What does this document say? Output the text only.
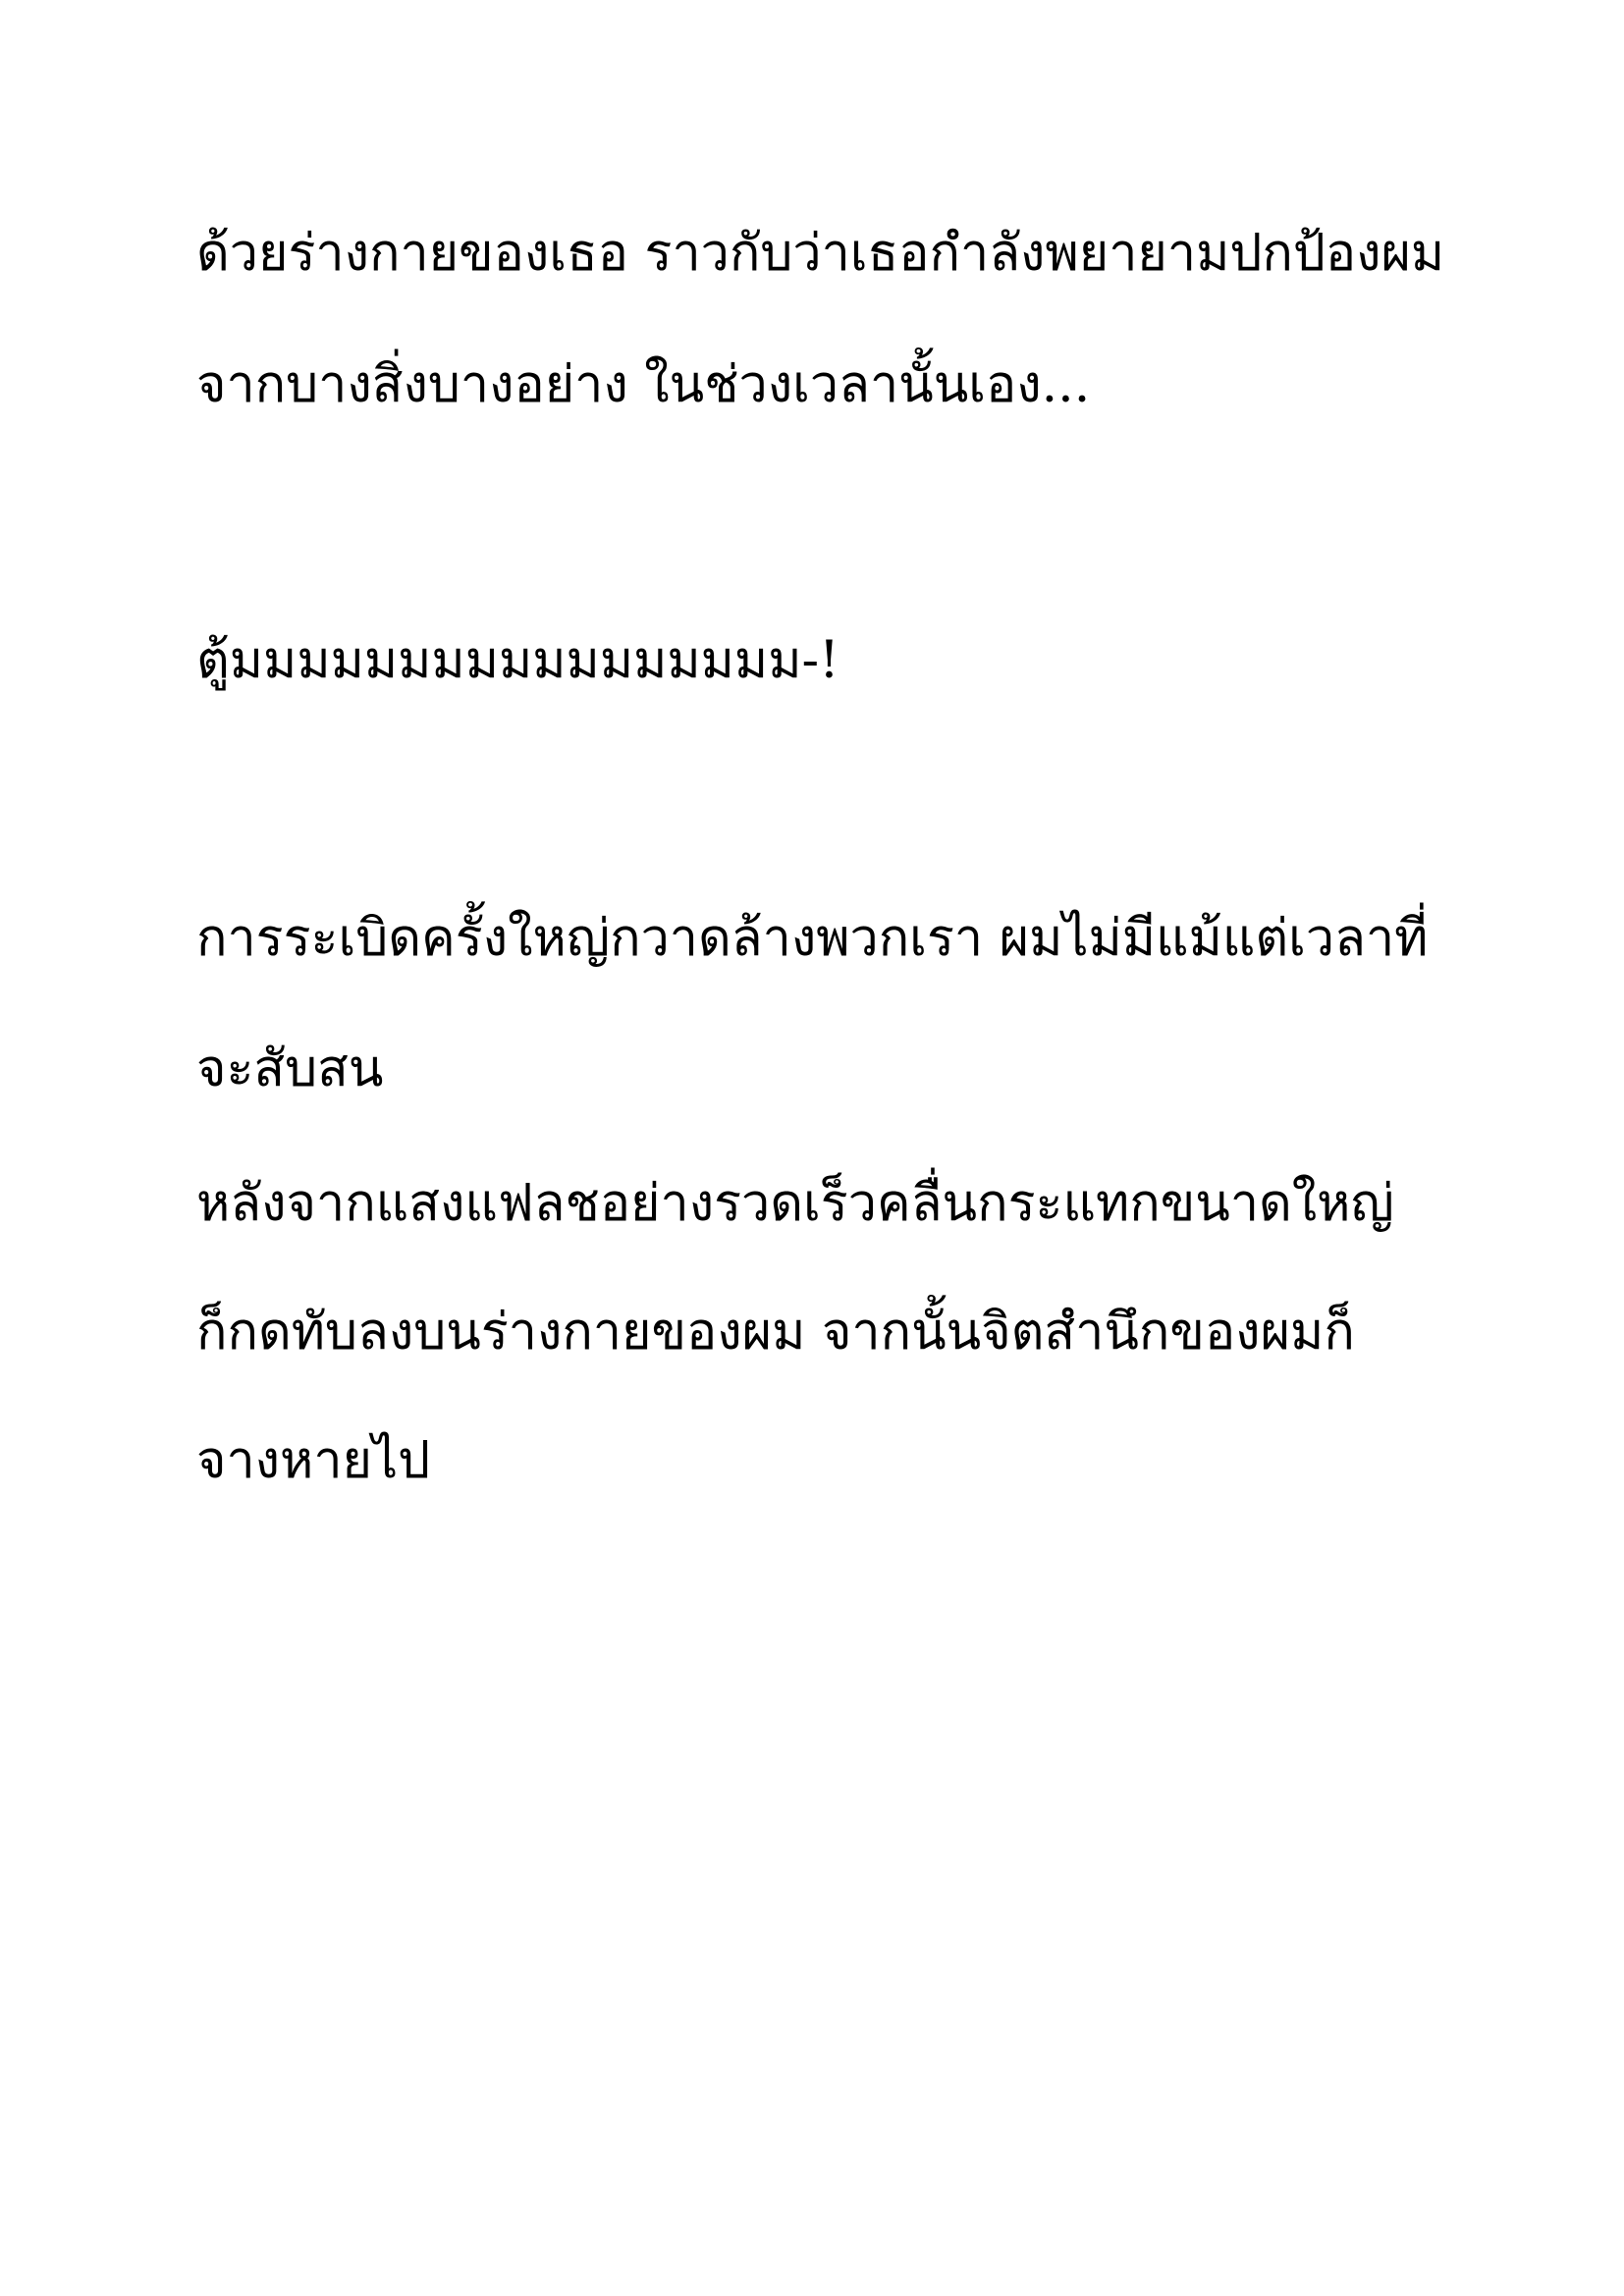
ด้วยร่างกายของเธอ ราวกับว่าเธอกำลังพยายามปกป้องผม

จากบางสิ่งบางอย่าง ในช่วงเวลานั้นเอง...

ตู้มมมมมมมมมมมมมมมมม-!

การระเบิดครั้งใหญ่กวาดล้างพวกเรา ผมไม่มีแม้แต่เวลาที่

จะสับสน

หลังจากแสงแฟลชอย่างรวดเร็วคลื่นกระแทกขนาดใหญ่

ก็กดทับลงบนร่างกายของผม จากนั้นจิตสำนึกของผมก็

จางหายไป
